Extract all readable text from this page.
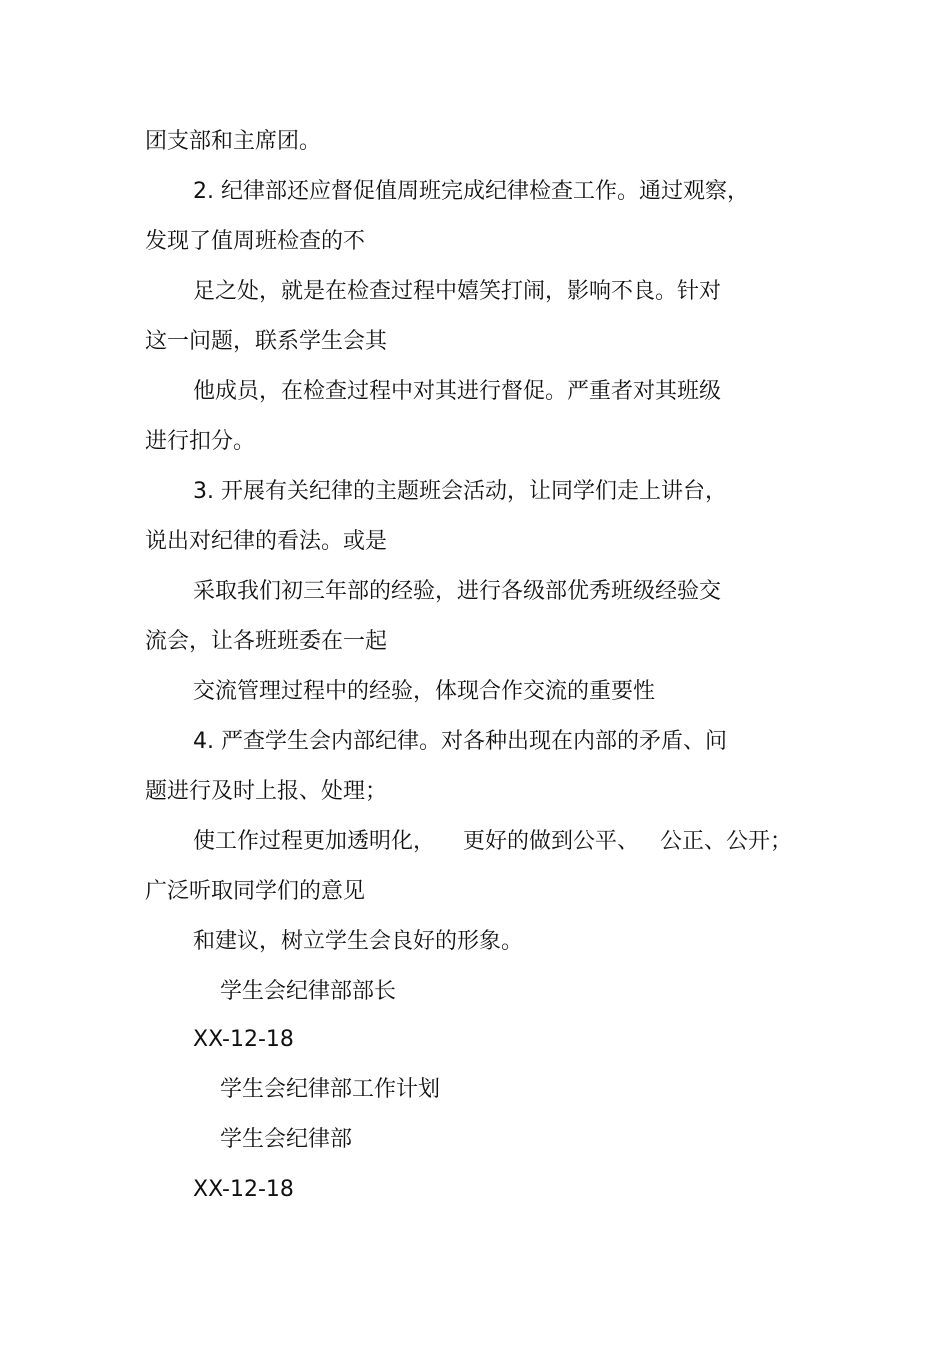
团支部和主席团。

2. 纪律部还应督促值周班完成纪律检查工作。通过观察，

发现了值周班检查的不

足之处，就是在检查过程中嬉笑打闹，影响不良。针对

这一问题，联系学生会其

他成员，在检查过程中对其进行督促。严重者对其班级

进行扣分。

3. 开展有关纪律的主题班会活动，让同学们走上讲台，

说出对纪律的看法。或是

采取我们初三年部的经验，进行各级部优秀班级经验交

流会，让各班班委在一起

交流管理过程中的经验，体现合作交流的重要性

4. 严查学生会内部纪律。对各种出现在内部的矛盾、问

题进行及时上报、处理；

使工作过程更加透明化，    更好的做到公平、   公正、公开；

广泛听取同学们的意见

和建议，树立学生会良好的形象。

学生会纪律部部长

XX-12-18

学生会纪律部工作计划

学生会纪律部

XX-12-18
